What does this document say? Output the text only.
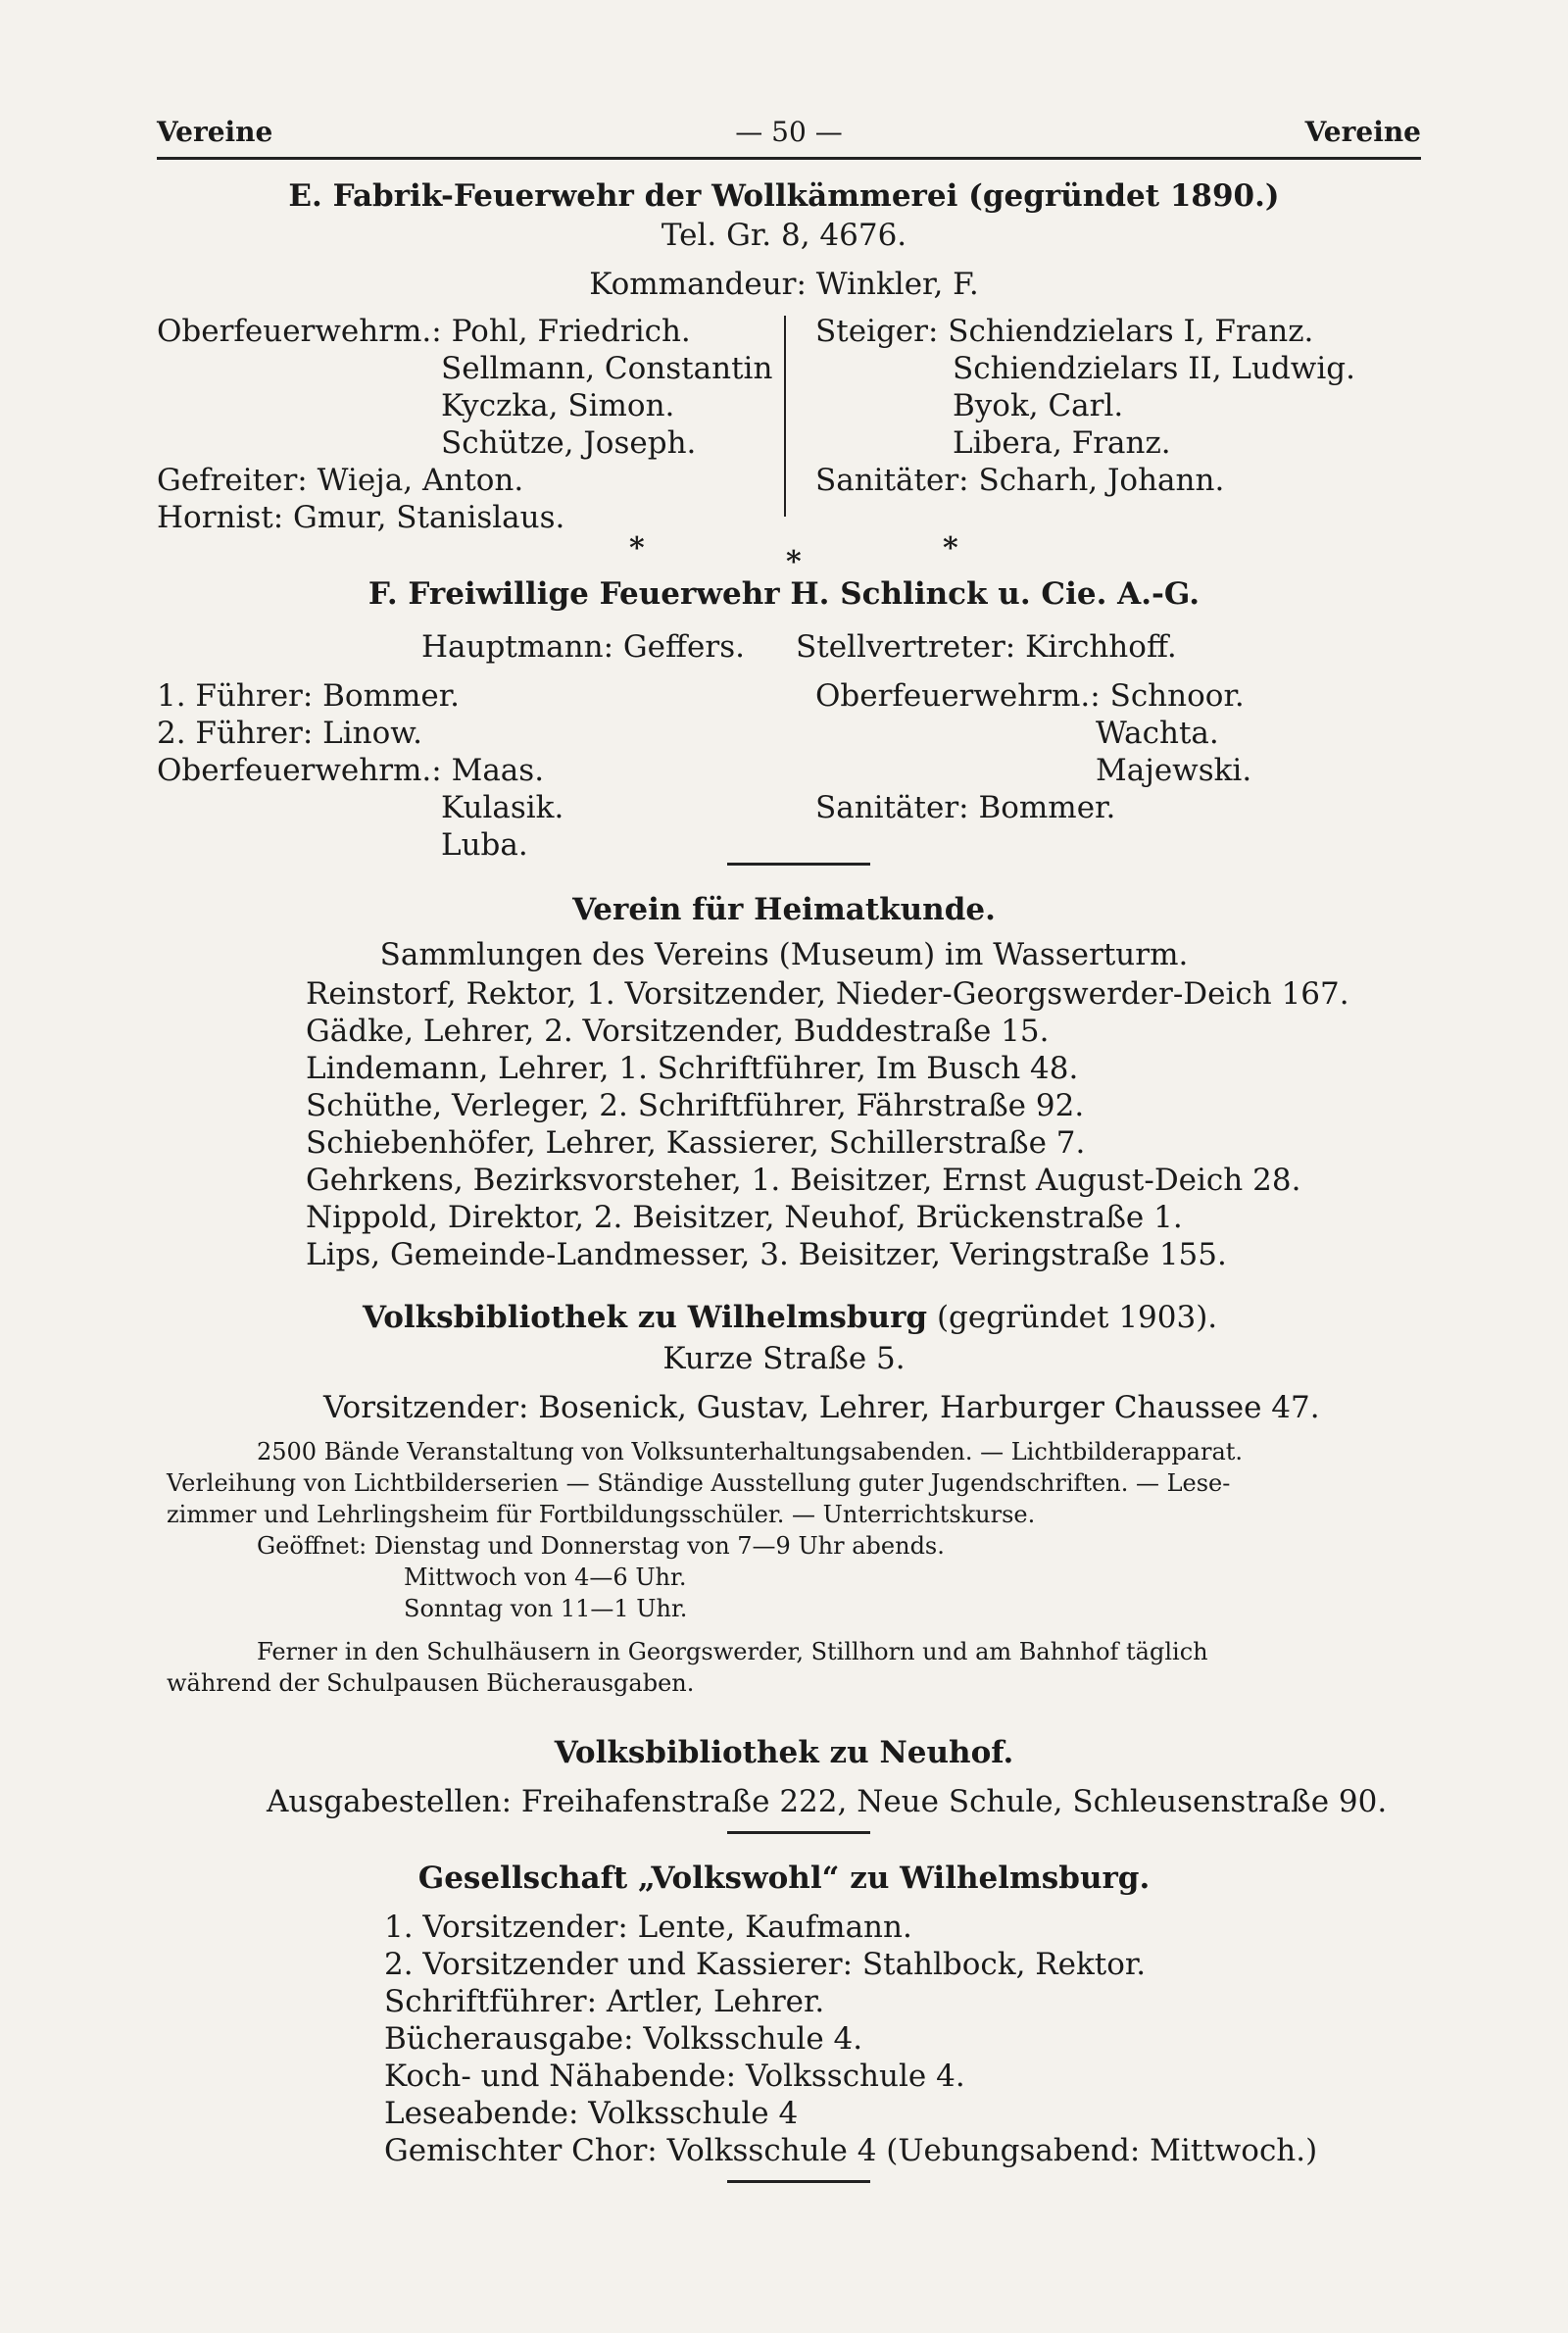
Vereine	— 50 —	Vereine
E. Fabrik-Feuerwehr der Wollkämmerei (gegründet 1890.)
Tel. Gr. 8, 4676.
Kommandeur: Winkler, F.
Oberfeuerwehrm.: Pohl, Friedrich.
Sellmann, Constantin
Kyczka, Simon.
Schütze, Joseph.
Gefreiter: Wieja, Anton.
Hornist: Gmur, Stanislaus.
Steiger: Schiendzielars I, Franz.
Schiendzielars II, Ludwig.
Byok, Carl.
Libera, Franz.
Sanitäter: Scharh, Johann.
*	*	*
F. Freiwillige Feuerwehr H. Schlinck u. Cie. A.-G.
Hauptmann: Geffers. Stellvertreter: Kirchhoff.
1. Führer: Bommer.
2. Führer: Linow.
Oberfeuerwehrm.: Maas.
Kulasik.
Luba.
Oberfeuerwehrm.: Schnoor.
Wachta.
Majewski.
Sanitäter: Bommer.
Verein für Heimatkunde.
Sammlungen des Vereins (Museum) im Wasserturm.
Reinstorf, Rektor, 1. Vorsitzender, Nieder-Georgswerder-Deich 167.
Gädke, Lehrer, 2. Vorsitzender, Buddestraße 15.
Lindemann, Lehrer, 1. Schriftführer, Im Busch 48.
Schüthe, Verleger, 2. Schriftführer, Fährstraße 92.
Schiebenhöfer, Lehrer, Kassierer, Schillerstraße 7.
Gehrkens, Bezirksvorsteher, 1. Beisitzer, Ernst August-Deich 28.
Nippold, Direktor, 2. Beisitzer, Neuhof, Brückenstraße 1.
Lips, Gemeinde-Landmesser, 3. Beisitzer, Veringstraße 155.
Volksbibliothek zu Wilhelmsburg (gegründet 1903).
Kurze Straße 5.
Vorsitzender: Bosenick, Gustav, Lehrer, Harburger Chaussee 47.
2500 Bände Veranstaltung von Volksunterhaltungsabenden. — Lichtbilderapparat.
Verleihung von Lichtbilderserien — Ständige Ausstellung guter Jugendschriften. — Lese-
zimmer und Lehrlingsheim für Fortbildungsschüler. — Unterrichtskurse.
Geöffnet: Dienstag und Donnerstag von 7—9 Uhr abends.
Mittwoch von 4—6 Uhr.
Sonntag von 11—1 Uhr.
Ferner in den Schulhäusern in Georgswerder, Stillhorn und am Bahnhof täglich
während der Schulpausen Bücherausgaben.
Volksbibliothek zu Neuhof.
Ausgabestellen: Freihafenstraße 222, Neue Schule, Schleusenstraße 90.
Gesellschaft „Volkswohl“ zu Wilhelmsburg.
1. Vorsitzender: Lente, Kaufmann.
2. Vorsitzender und Kassierer: Stahlbock, Rektor.
Schriftführer: Artler, Lehrer.
Bücherausgabe: Volksschule 4.
Koch- und Nähabende: Volksschule 4.
Leseabende: Volksschule 4
Gemischter Chor: Volksschule 4 (Uebungsabend: Mittwoch.)
